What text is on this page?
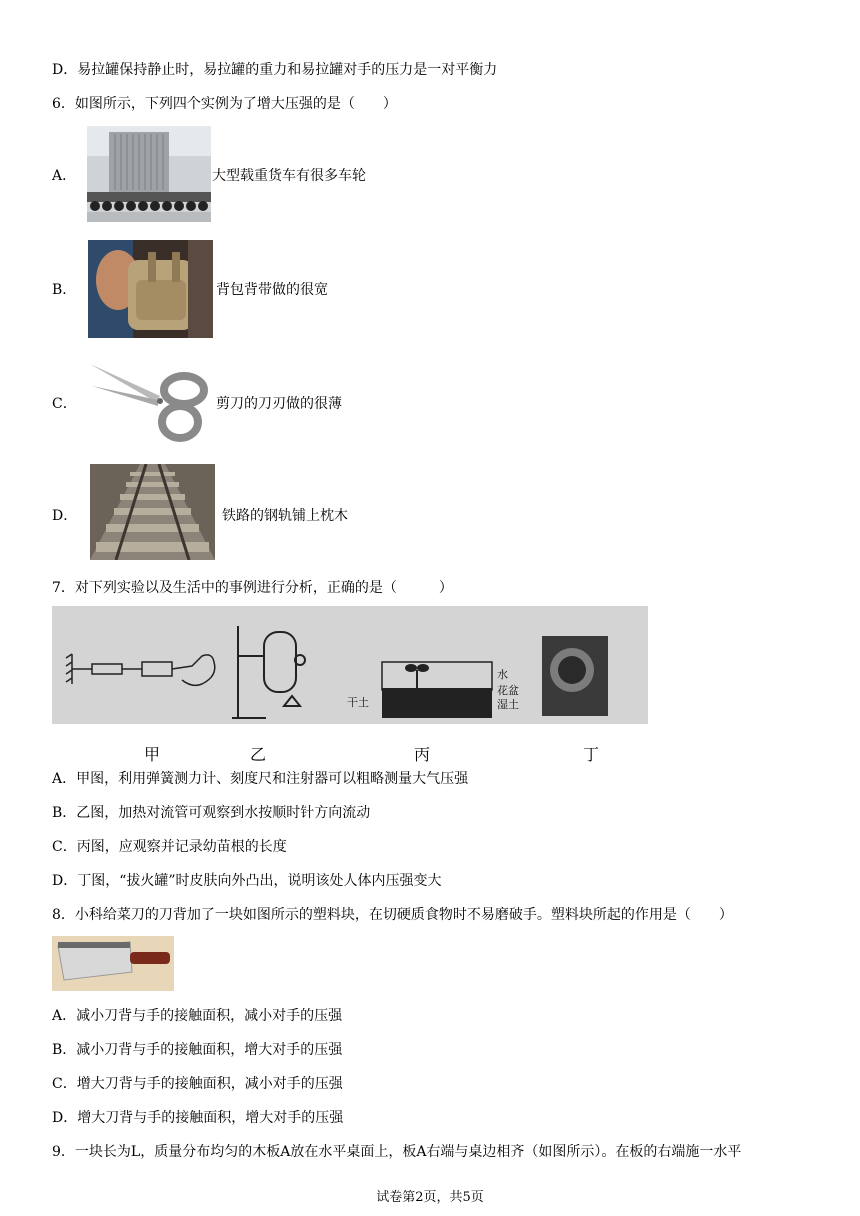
D．易拉罐保持静止时，易拉罐的重力和易拉罐对手的压力是一对平衡力
6．如图所示，下列四个实例为了增大压强的是（　　）
A．	大型载重货车有很多车轮
B．	背包背带做的很宽
C．	剪刀的刀刃做的很薄
D．	铁路的钢轨铺上枕木
7．对下列实验以及生活中的事例进行分析，正确的是（　　　）
干土
水
花盆
湿土
甲	乙	丙	丁
A．甲图，利用弹簧测力计、刻度尺和注射器可以粗略测量大气压强
B．乙图，加热对流管可观察到水按顺时针方向流动
C．丙图，应观察并记录幼苗根的长度
D．丁图，“拔火罐”时皮肤向外凸出，说明该处人体内压强变大
8．小科给菜刀的刀背加了一块如图所示的塑料块，在切硬质食物时不易磨破手。塑料块所起的作用是（　　）
A．减小刀背与手的接触面积，减小对手的压强
B．减小刀背与手的接触面积，增大对手的压强
C．增大刀背与手的接触面积，减小对手的压强
D．增大刀背与手的接触面积，增大对手的压强
9．一块长为L，质量分布均匀的木板A放在水平桌面上，板A右端与桌边相齐（如图所示）。在板的右端施一水平
试卷第2页，共5页
